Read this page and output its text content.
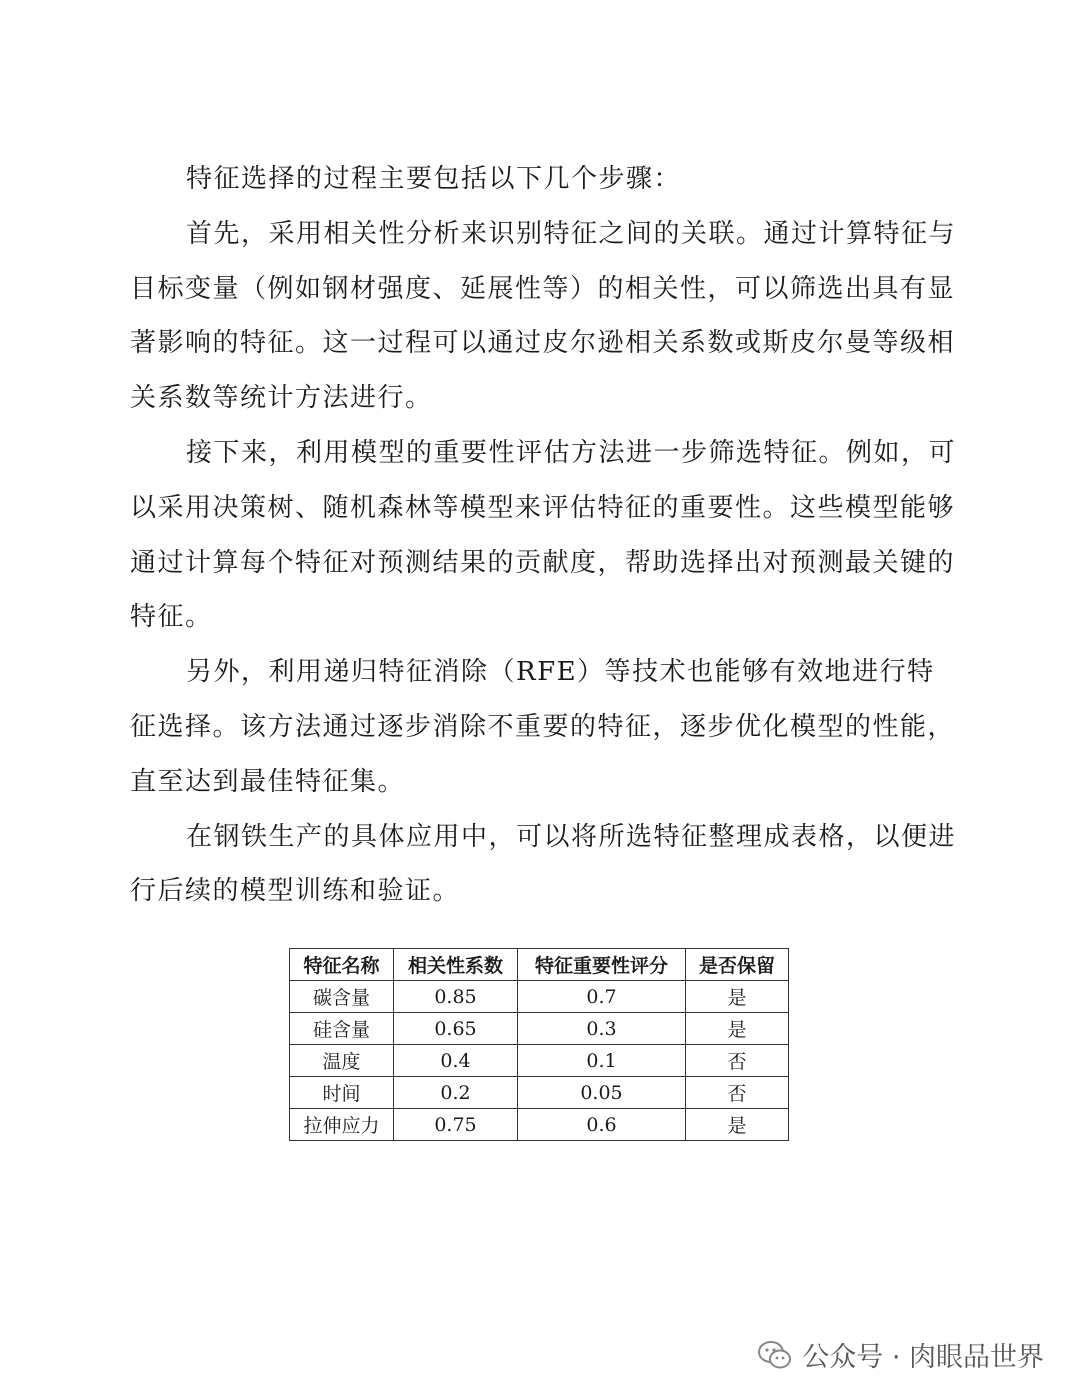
特征选择的过程主要包括以下几个步骤：

首先，采用相关性分析来识别特征之间的关联。通过计算特征与目标变量（例如钢材强度、延展性等）的相关性，可以筛选出具有显著影响的特征。这一过程可以通过皮尔逊相关系数或斯皮尔曼等级相关系数等统计方法进行。

接下来，利用模型的重要性评估方法进一步筛选特征。例如，可以采用决策树、随机森林等模型来评估特征的重要性。这些模型能够通过计算每个特征对预测结果的贡献度，帮助选择出对预测最关键的特征。

另外，利用递归特征消除（RFE）等技术也能够有效地进行特征选择。该方法通过逐步消除不重要的特征，逐步优化模型的性能，直至达到最佳特征集。

在钢铁生产的具体应用中，可以将所选特征整理成表格，以便进行后续的模型训练和验证。

特征名称	相关性系数	特征重要性评分	是否保留
碳含量	0.85	0.7	是
硅含量	0.65	0.3	是
温度	0.4	0.1	否
时间	0.2	0.05	否
拉伸应力	0.75	0.6	是
公众号 · 肉眼品世界
